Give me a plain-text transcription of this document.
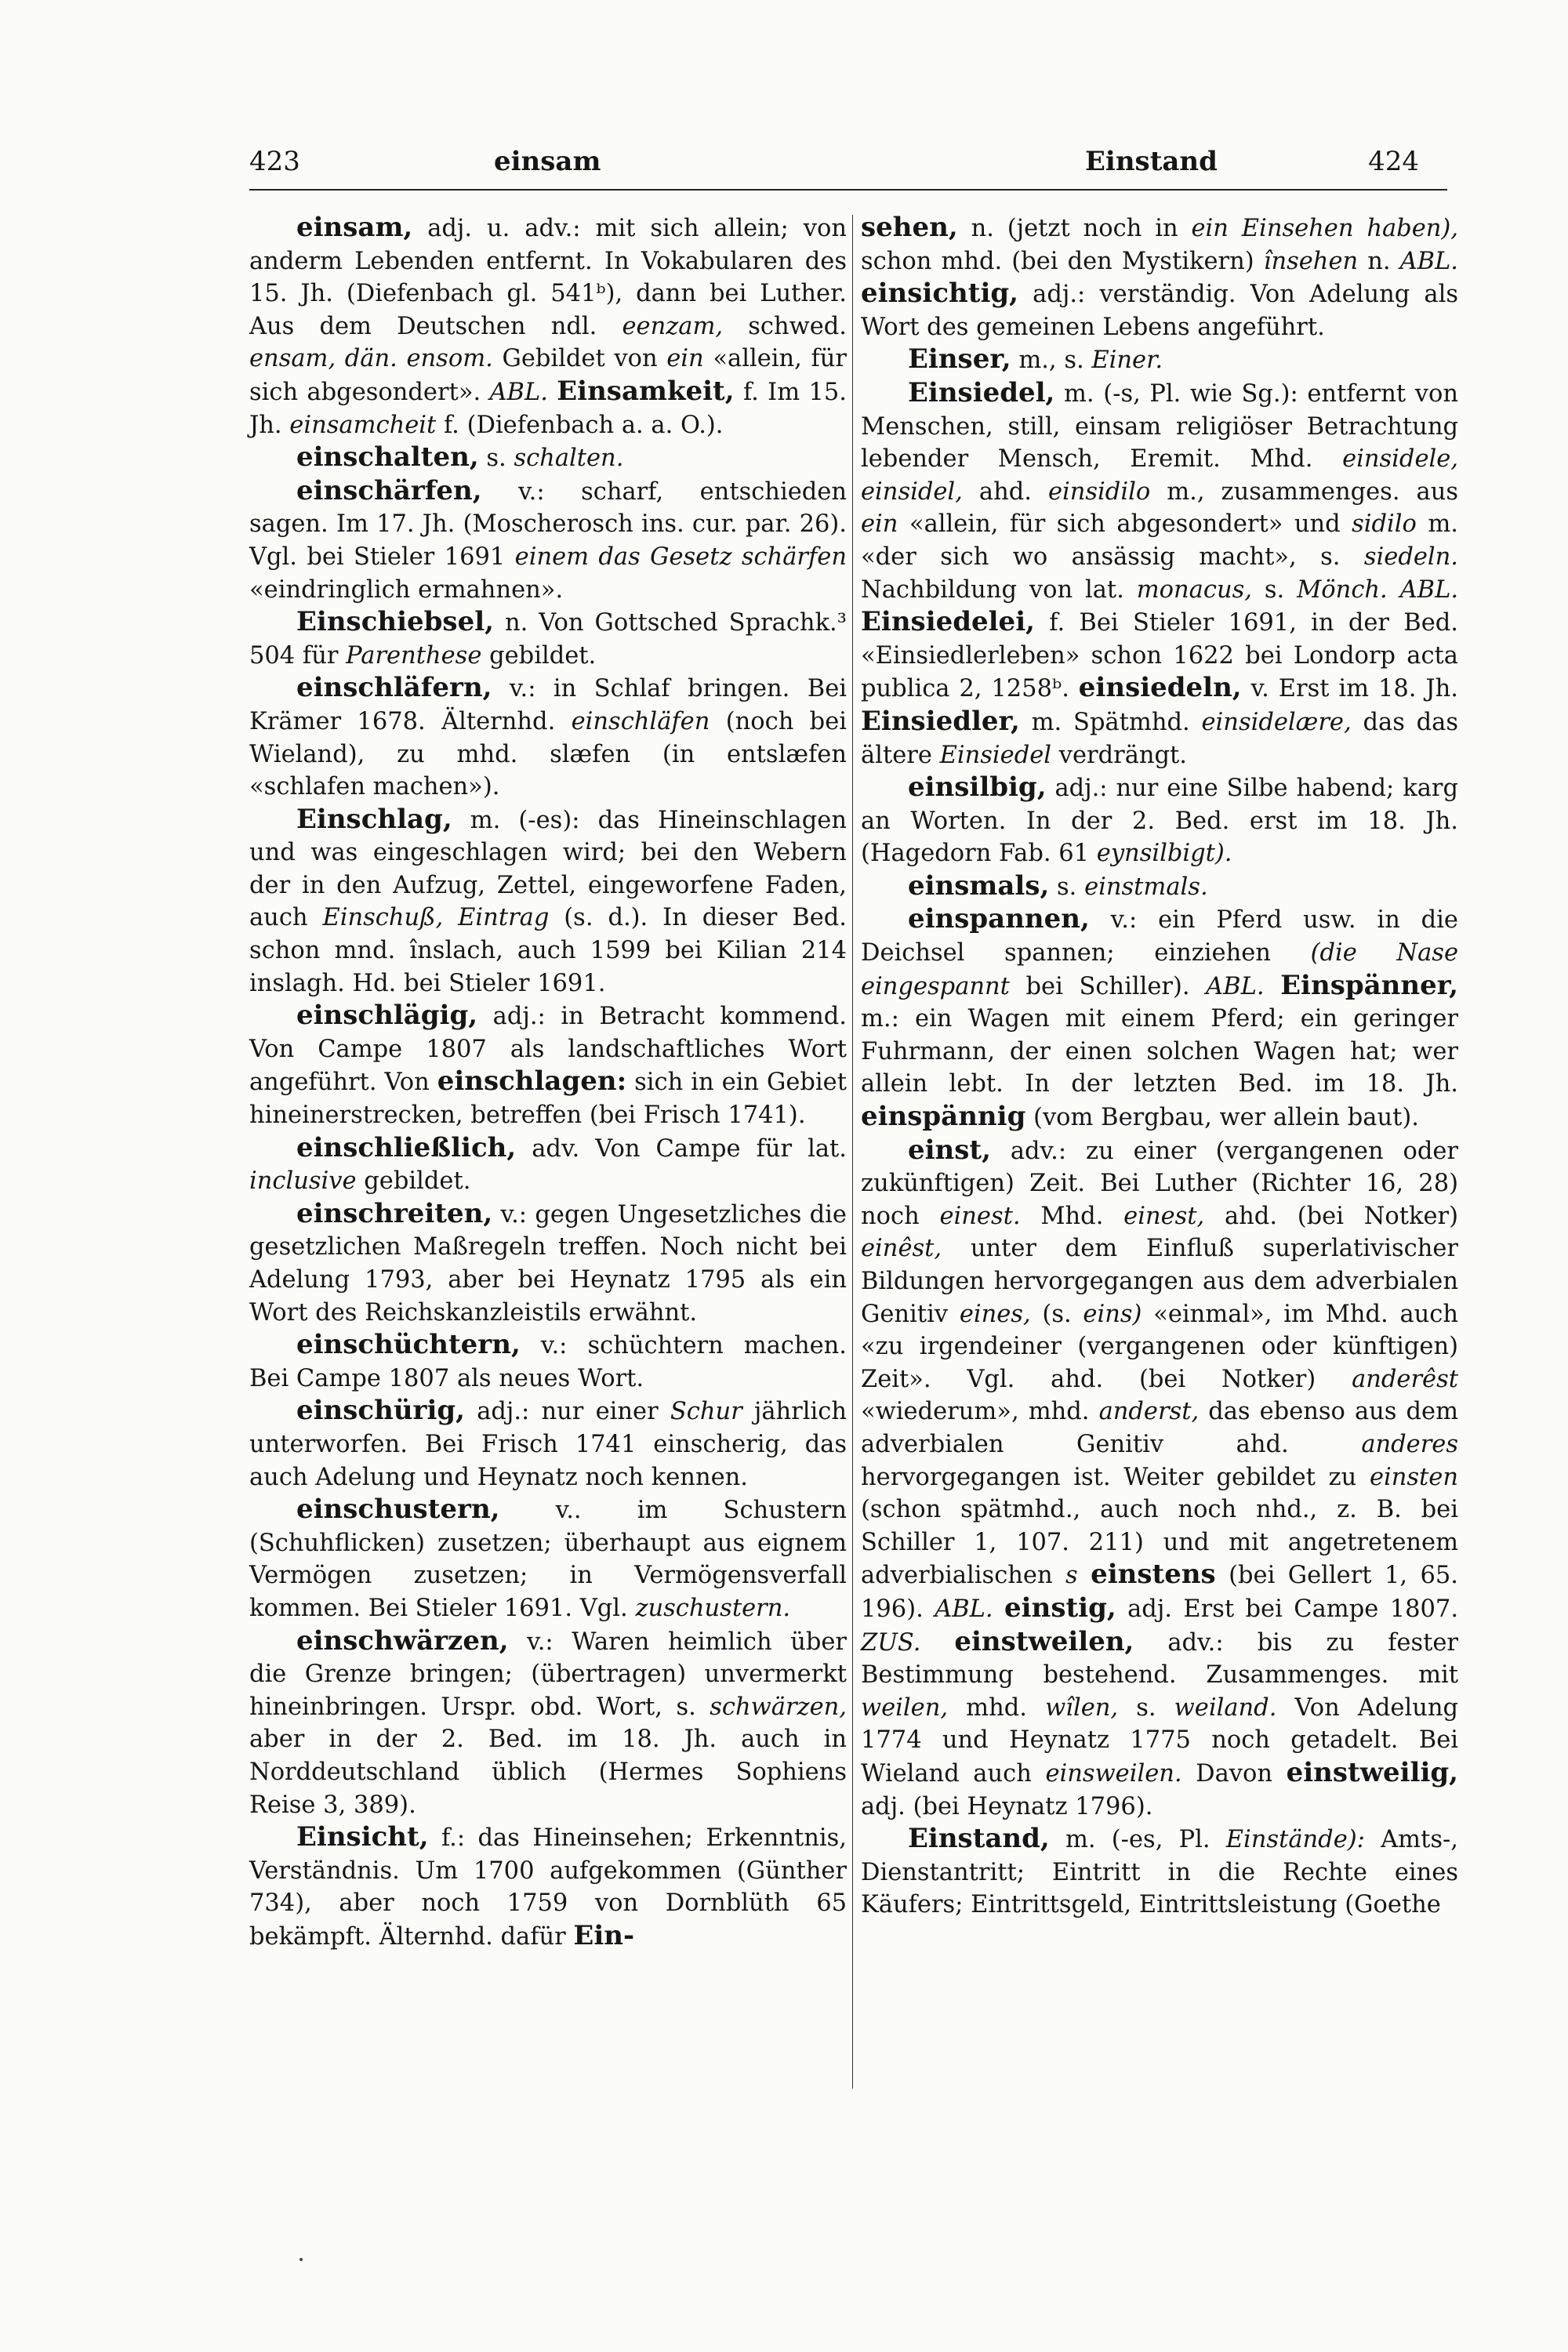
423	einsam	Einstand	424

einsam, adj. u. adv.: mit sich allein; von anderm Lebenden entfernt. In Vokabularen des 15. Jh. (Diefenbach gl. 541ᵇ), dann bei Luther. Aus dem Deutschen ndl. eenzam, schwed. ensam, dän. ensom. Gebildet von ein «allein, für sich abgesondert». ABL. Einsamkeit, f. Im 15. Jh. einsamcheit f. (Diefenbach a. a. O.).

einschalten, s. schalten.

einschärfen, v.: scharf, entschieden sagen. Im 17. Jh. (Moscherosch ins. cur. par. 26). Vgl. bei Stieler 1691 einem das Gesetz schärfen «eindringlich ermahnen».

Einschiebsel, n. Von Gottsched Sprachk.³ 504 für Parenthese gebildet.

einschläfern, v.: in Schlaf bringen. Bei Krämer 1678. Älternhd. einschläfen (noch bei Wieland), zu mhd. slæfen (in entslæfen «schlafen machen»).

Einschlag, m. (-es): das Hineinschlagen und was eingeschlagen wird; bei den Webern der in den Aufzug, Zettel, eingeworfene Faden, auch Einschuß, Eintrag (s. d.). In dieser Bed. schon mnd. înslach, auch 1599 bei Kilian 214 inslagh. Hd. bei Stieler 1691.

einschlägig, adj.: in Betracht kommend. Von Campe 1807 als landschaftliches Wort angeführt. Von einschlagen: sich in ein Gebiet hineinerstrecken, betreffen (bei Frisch 1741).

einschließlich, adv. Von Campe für lat. inclusive gebildet.

einschreiten, v.: gegen Ungesetzliches die gesetzlichen Maßregeln treffen. Noch nicht bei Adelung 1793, aber bei Heynatz 1795 als ein Wort des Reichskanzleistils erwähnt.

einschüchtern, v.: schüchtern machen. Bei Campe 1807 als neues Wort.

einschürig, adj.: nur einer Schur jährlich unterworfen. Bei Frisch 1741 einscherig, das auch Adelung und Heynatz noch kennen.

einschustern, v.. im Schustern (Schuhflicken) zusetzen; überhaupt aus eignem Vermögen zusetzen; in Vermögensverfall kommen. Bei Stieler 1691. Vgl. zuschustern.

einschwärzen, v.: Waren heimlich über die Grenze bringen; (übertragen) unvermerkt hineinbringen. Urspr. obd. Wort, s. schwärzen, aber in der 2. Bed. im 18. Jh. auch in Norddeutschland üblich (Hermes Sophiens Reise 3, 389).

Einsicht, f.: das Hineinsehen; Erkenntnis, Verständnis. Um 1700 aufgekommen (Günther 734), aber noch 1759 von Dornblüth 65 bekämpft. Älternhd. dafür Ein-

sehen, n. (jetzt noch in ein Einsehen haben), schon mhd. (bei den Mystikern) însehen n. ABL. einsichtig, adj.: verständig. Von Adelung als Wort des gemeinen Lebens angeführt.

Einser, m., s. Einer.

Einsiedel, m. (-s, Pl. wie Sg.): entfernt von Menschen, still, einsam religiöser Betrachtung lebender Mensch, Eremit. Mhd. einsidele, einsidel, ahd. einsidilo m., zusammenges. aus ein «allein, für sich abgesondert» und sidilo m. «der sich wo ansässig macht», s. siedeln. Nachbildung von lat. monacus, s. Mönch. ABL. Einsiedelei, f. Bei Stieler 1691, in der Bed. «Einsiedlerleben» schon 1622 bei Londorp acta publica 2, 1258ᵇ. einsiedeln, v. Erst im 18. Jh. Einsiedler, m. Spätmhd. einsidelære, das das ältere Einsiedel verdrängt.

einsilbig, adj.: nur eine Silbe habend; karg an Worten. In der 2. Bed. erst im 18. Jh. (Hagedorn Fab. 61 eynsilbigt).

einsmals, s. einstmals.

einspannen, v.: ein Pferd usw. in die Deichsel spannen; einziehen (die Nase eingespannt bei Schiller). ABL. Einspänner, m.: ein Wagen mit einem Pferd; ein geringer Fuhrmann, der einen solchen Wagen hat; wer allein lebt. In der letzten Bed. im 18. Jh. einspännig (vom Bergbau, wer allein baut).

einst, adv.: zu einer (vergangenen oder zukünftigen) Zeit. Bei Luther (Richter 16, 28) noch einest. Mhd. einest, ahd. (bei Notker) einêst, unter dem Einfluß superlativischer Bildungen hervorgegangen aus dem adverbialen Genitiv eines, (s. eins) «einmal», im Mhd. auch «zu irgendeiner (vergangenen oder künftigen) Zeit». Vgl. ahd. (bei Notker) anderêst «wiederum», mhd. anderst, das ebenso aus dem adverbialen Genitiv ahd.	anderes hervorgegangen ist. Weiter gebildet zu einsten (schon spätmhd., auch noch nhd., z. B. bei Schiller 1, 107. 211) und mit angetretenem adverbialischen s einstens (bei Gellert 1, 65. 196). ABL. einstig, adj. Erst bei Campe 1807. ZUS. einstweilen, adv.: bis zu fester Bestimmung bestehend. Zusammenges. mit weilen, mhd. wîlen, s. weiland. Von Adelung 1774 und Heynatz 1775 noch getadelt. Bei Wieland auch einsweilen. Davon einstweilig, adj. (bei Heynatz 1796).

Einstand, m. (-es, Pl. Einstände): Amts-, Dienstantritt; Eintritt in die Rechte eines Käufers; Eintrittsgeld, Eintrittsleistung (Goethe
